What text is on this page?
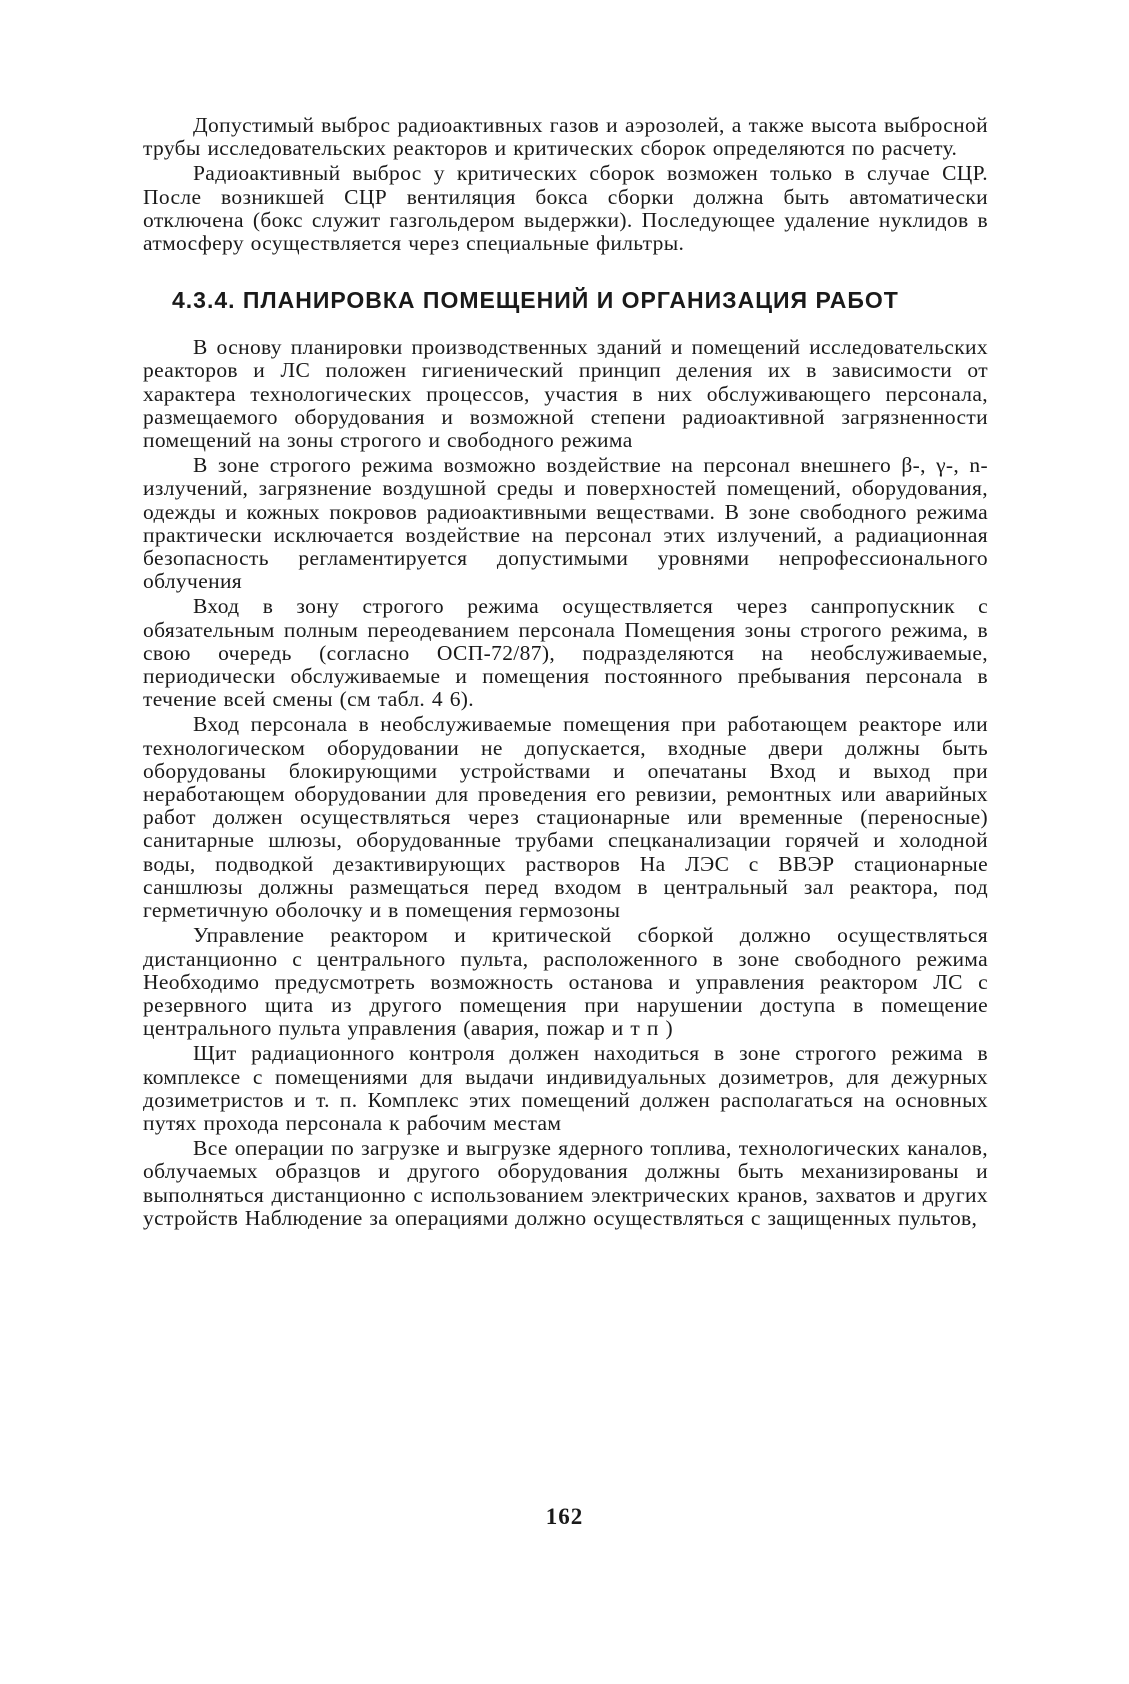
Допустимый выброс радиоактивных газов и аэрозолей, а также высота выбросной трубы исследовательских реакторов и критических сборок определяются по расчету.

Радиоактивный выброс у критических сборок возможен только в случае СЦР. После возникшей СЦР вентиляция бокса сборки должна быть автоматически отключена (бокс служит газгольдером выдержки). Последующее удаление нуклидов в атмосферу осуществляется через специальные фильтры.

4.3.4. ПЛАНИРОВКА ПОМЕЩЕНИЙ И ОРГАНИЗАЦИЯ РАБОТ

В основу планировки производственных зданий и помещений исследовательских реакторов и ЛС положен гигиенический принцип деления их в зависимости от характера технологических процессов, участия в них обслуживающего персонала, размещаемого оборудования и возможной степени радиоактивной загрязненности помещений на зоны строгого и свободного режима

В зоне строгого режима возможно воздействие на персонал внешнего β-, γ-, n-излучений, загрязнение воздушной среды и поверхностей помещений, оборудования, одежды и кожных покровов радиоактивными веществами. В зоне свободного режима практически исключается воздействие на персонал этих излучений, а радиационная безопасность регламентируется допустимыми уровнями непрофессионального облучения

Вход в зону строгого режима осуществляется через санпропускник с обязательным полным переодеванием персонала Помещения зоны строгого режима, в свою очередь (согласно ОСП-72/87), подразделяются на необслуживаемые, периодически обслуживаемые и помещения постоянного пребывания персонала в течение всей смены (см табл. 4 6).

Вход персонала в необслуживаемые помещения при работающем реакторе или технологическом оборудовании не допускается, входные двери должны быть оборудованы блокирующими устройствами и опечатаны Вход и выход при неработающем оборудовании для проведения его ревизии, ремонтных или аварийных работ должен осуществляться через стационарные или временные (переносные) санитарные шлюзы, оборудованные трубами спецканализации горячей и холодной воды, подводкой дезактивирующих растворов На ЛЭС с ВВЭР стационарные саншлюзы должны размещаться перед входом в центральный зал реактора, под герметичную оболочку и в помещения гермозоны

Управление реактором и критической сборкой должно осуществляться дистанционно с центрального пульта, расположенного в зоне свободного режима Необходимо предусмотреть возможность останова и управления реактором ЛС с резервного щита из другого помещения при нарушении доступа в помещение центрального пульта управления (авария, пожар и т п )

Щит радиационного контроля должен находиться в зоне строгого режима в комплексе с помещениями для выдачи индивидуальных дозиметров, для дежурных дозиметристов и т. п. Комплекс этих помещений должен располагаться на основных путях прохода персонала к рабочим местам

Все операции по загрузке и выгрузке ядерного топлива, технологических каналов, облучаемых образцов и другого оборудования должны быть механизированы и выполняться дистанционно с использованием электрических кранов, захватов и других устройств Наблюдение за операциями должно осуществляться с защищенных пультов,

162
